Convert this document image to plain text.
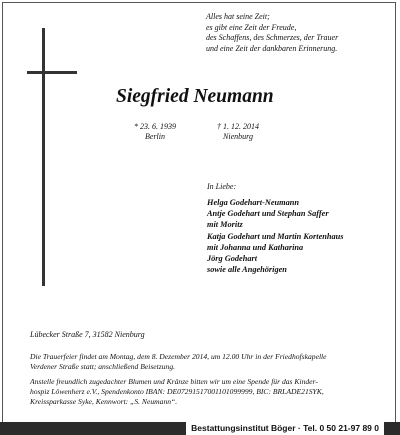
Alles hat seine Zeit;
es gibt eine Zeit der Freude,
des Schaffens, des Schmerzes, der Trauer
und eine Zeit der dankbaren Erinnerung.
Siegfried Neumann
* 23. 6. 1939
Berlin
† 1. 12. 2014
Nienburg
In Liebe:
Helga Godehart-Neumann
Antje Godehart und Stephan Saffer
mit Moritz
Katja Godehart und Martin Kortenhaus
mit Johanna und Katharina
Jörg Godehart
sowie alle Angehörigen
Lübecker Straße 7, 31582 Nienburg
Die Trauerfeier findet am Montag, dem 8. Dezember 2014, um 12.00 Uhr in der Friedhofskapelle
Verdener Straße statt; anschließend Beisetzung.
Anstelle freundlich zugedachter Blumen und Kränze bitten wir um eine Spende für das Kinder-
hospiz Löwenherz e.V., Spendenkonto IBAN: DE07291517001101099999, BIC: BRLADE21SYK,
Kreissparkasse Syke, Kennwort: „S. Neumann“.
Bestattungsinstitut Böger · Tel. 0 50 21-97 89 0
